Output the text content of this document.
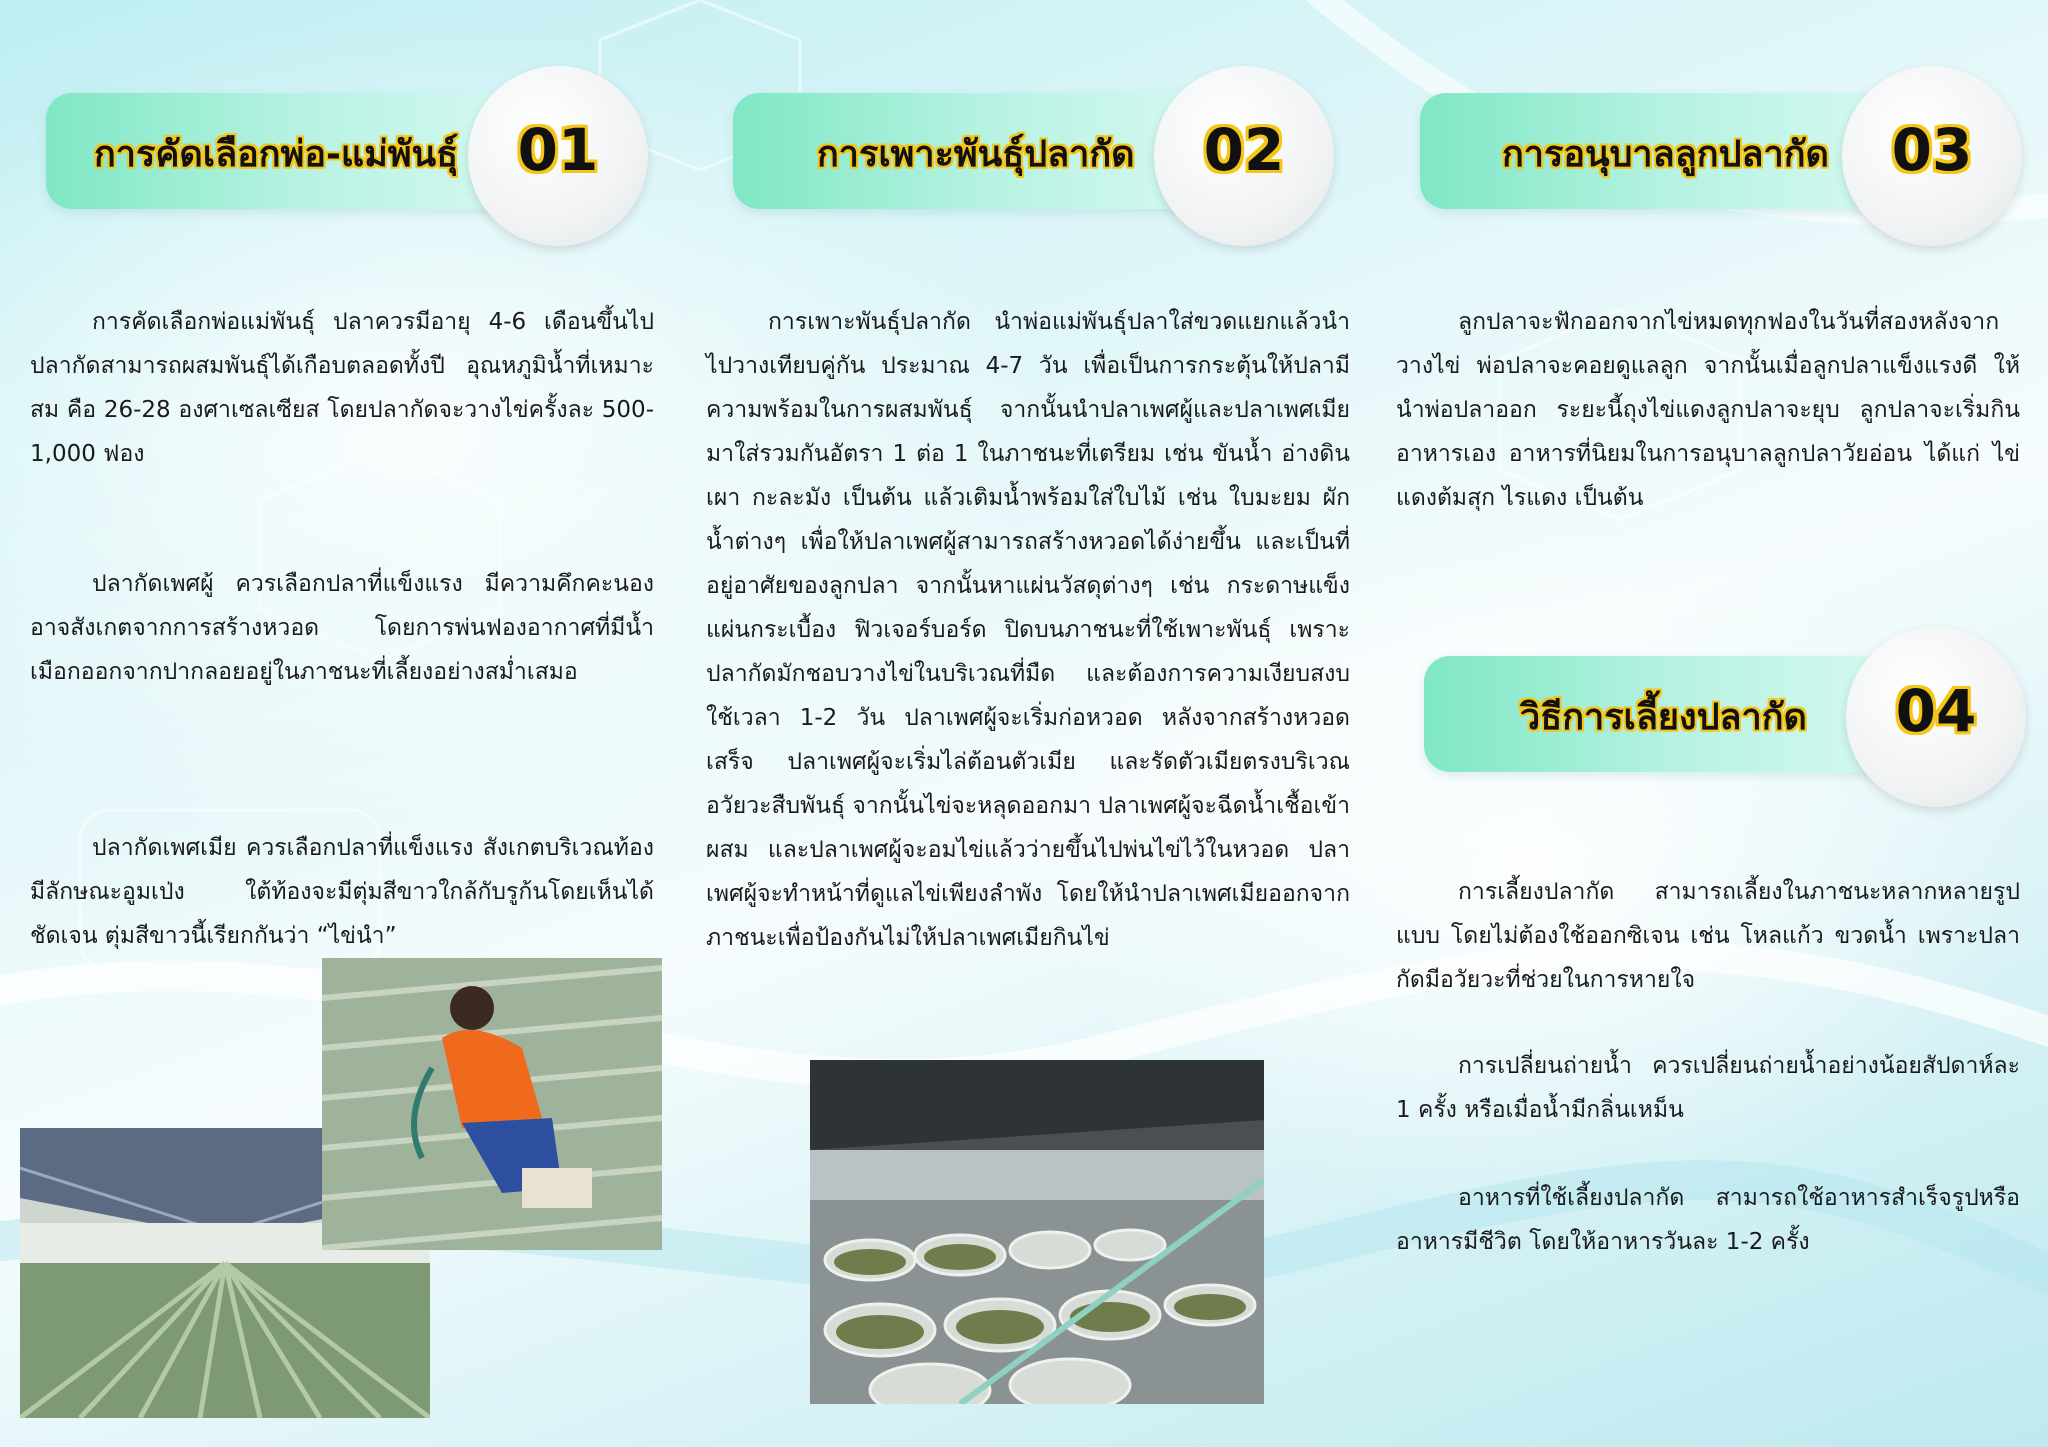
การคัดเลือกพ่อ-แม่พันธุ์	01

การคัดเลือกพ่อแม่พันธุ์ ปลาควรมีอายุ 4-6 เดือนขึ้นไป ปลากัดสามารถผสมพันธุ์ได้เกือบตลอดทั้งปี อุณหภูมิน้ำที่เหมาะสม คือ 26-28 องศาเซลเซียส โดยปลากัดจะวางไข่ครั้งละ 500-1,000 ฟอง

ปลากัดเพศผู้ ควรเลือกปลาที่แข็งแรง มีความคึกคะนอง อาจสังเกตจากการสร้างหวอด โดยการพ่นฟองอากาศที่มีน้ำเมือกออกจากปากลอยอยู่ในภาชนะที่เลี้ยงอย่างสม่ำเสมอ

ปลากัดเพศเมีย ควรเลือกปลาที่แข็งแรง สังเกตบริเวณท้องมีลักษณะอูมเป่ง ใต้ท้องจะมีตุ่มสีขาวใกล้กับรูก้นโดยเห็นได้ชัดเจน ตุ่มสีขาวนี้เรียกกันว่า “ไข่นำ”

การเพาะพันธุ์ปลากัด	02

การเพาะพันธุ์ปลากัด นำพ่อแม่พันธุ์ปลาใส่ขวดแยกแล้วนำไปวางเทียบคู่กัน ประมาณ 4-7 วัน เพื่อเป็นการกระตุ้นให้ปลามีความพร้อมในการผสมพันธุ์ จากนั้นนำปลาเพศผู้และปลาเพศเมียมาใส่รวมกันอัตรา 1 ต่อ 1 ในภาชนะที่เตรียม เช่น ขันน้ำ อ่างดินเผา กะละมัง เป็นต้น แล้วเติมน้ำพร้อมใส่ใบไม้ เช่น ใบมะยม ผักน้ำต่างๆ เพื่อให้ปลาเพศผู้สามารถสร้างหวอดได้ง่ายขึ้น และเป็นที่อยู่อาศัยของลูกปลา จากนั้นหาแผ่นวัสดุต่างๆ เช่น กระดาษแข็ง แผ่นกระเบื้อง ฟิวเจอร์บอร์ด ปิดบนภาชนะที่ใช้เพาะพันธุ์ เพราะปลากัดมักชอบวางไข่ในบริเวณที่มืด และต้องการความเงียบสงบ ใช้เวลา 1-2 วัน ปลาเพศผู้จะเริ่มก่อหวอด หลังจากสร้างหวอดเสร็จ ปลาเพศผู้จะเริ่มไล่ต้อนตัวเมีย และรัดตัวเมียตรงบริเวณอวัยวะสืบพันธุ์ จากนั้นไข่จะหลุดออกมา ปลาเพศผู้จะฉีดน้ำเชื้อเข้าผสม และปลาเพศผู้จะอมไข่แล้วว่ายขึ้นไปพ่นไข่ไว้ในหวอด ปลาเพศผู้จะทำหน้าที่ดูแลไข่เพียงลำพัง โดยให้นำปลาเพศเมียออกจากภาชนะเพื่อป้องกันไม่ให้ปลาเพศเมียกินไข่

การอนุบาลลูกปลากัด	03

ลูกปลาจะฟักออกจากไข่หมดทุกฟองในวันที่สองหลังจากวางไข่ พ่อปลาจะคอยดูแลลูก จากนั้นเมื่อลูกปลาแข็งแรงดี ให้นำพ่อปลาออก ระยะนี้ถุงไข่แดงลูกปลาจะยุบ ลูกปลาจะเริ่มกินอาหารเอง อาหารที่นิยมในการอนุบาลลูกปลาวัยอ่อน ได้แก่ ไข่แดงต้มสุก ไรแดง เป็นต้น

วิธีการเลี้ยงปลากัด	04

การเลี้ยงปลากัด สามารถเลี้ยงในภาชนะหลากหลายรูปแบบ โดยไม่ต้องใช้ออกซิเจน เช่น โหลแก้ว ขวดน้ำ เพราะปลากัดมีอวัยวะที่ช่วยในการหายใจ

การเปลี่ยนถ่ายน้ำ ควรเปลี่ยนถ่ายน้ำอย่างน้อยสัปดาห์ละ 1 ครั้ง หรือเมื่อน้ำมีกลิ่นเหม็น

อาหารที่ใช้เลี้ยงปลากัด สามารถใช้อาหารสำเร็จรูปหรืออาหารมีชีวิต โดยให้อาหารวันละ 1-2 ครั้ง
